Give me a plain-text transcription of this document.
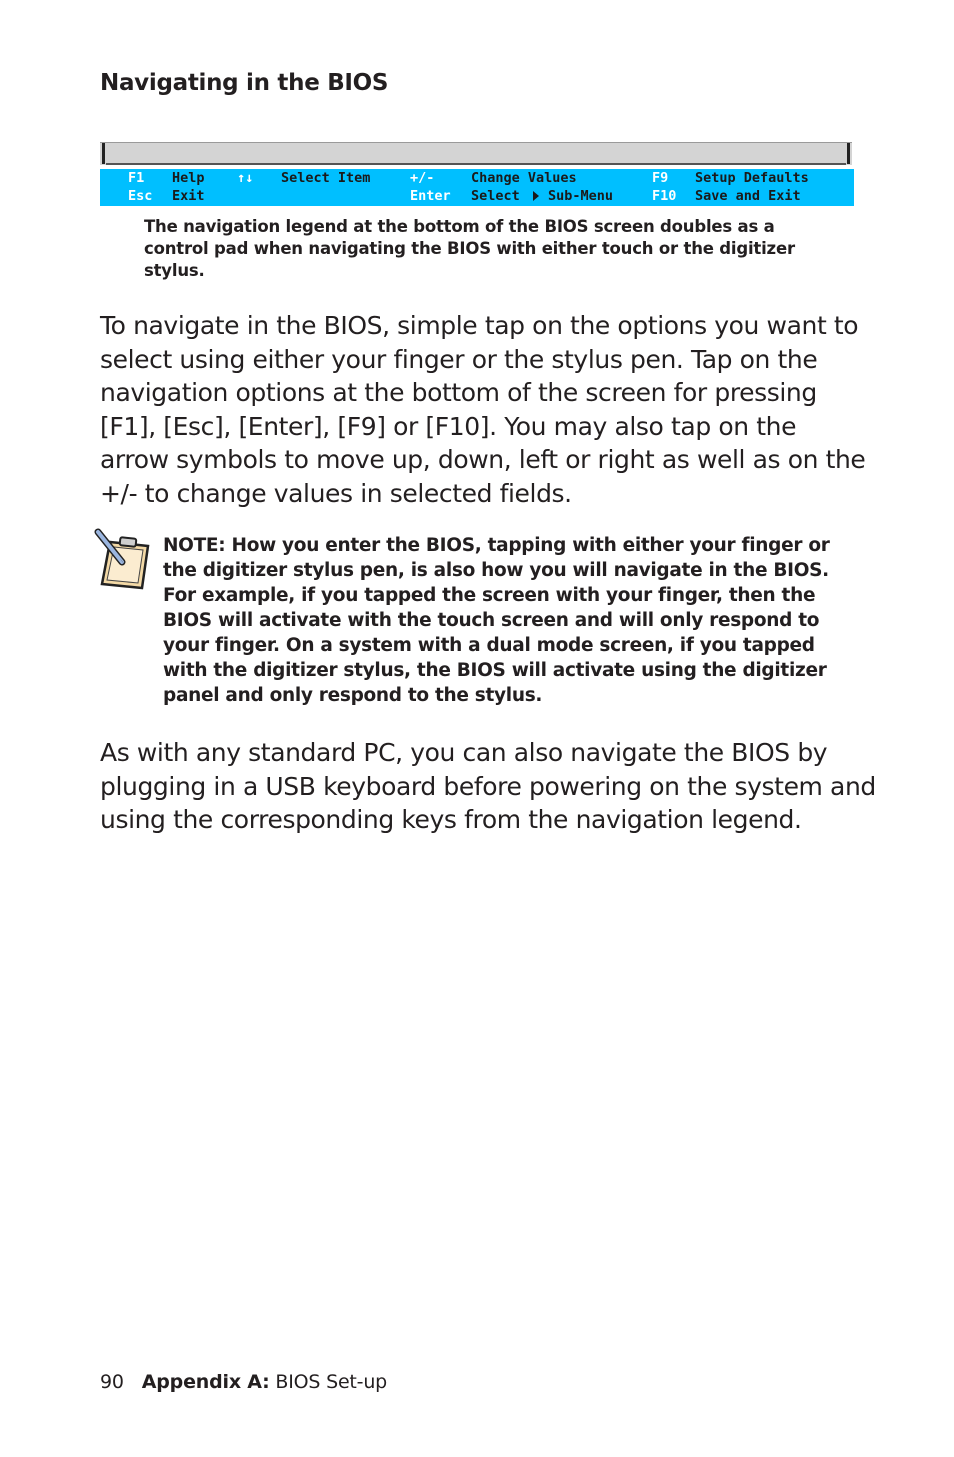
Navigating in the BIOS
F1 Help ↑↓ Select Item	+/-	Change Values	F9 Setup Defaults
Esc Exit	Enter Select Sub-Menu	F10 Save and Exit
The navigation legend at the bottom of the BIOS screen doubles as a control pad when navigating the BIOS with either touch or the digitizer stylus.
To navigate in the BIOS, simple tap on the options you want to select using either your finger or the stylus pen. Tap on the navigation options at the bottom of the screen for pressing [F1], [Esc], [Enter], [F9] or [F10]. You may also tap on the arrow symbols to move up, down, left or right as well as on the +/- to change values in selected fields.
NOTE: How you enter the BIOS, tapping with either your finger or the digitizer stylus pen, is also how you will navigate in the BIOS. For example, if you tapped the screen with your finger, then the BIOS will activate with the touch screen and will only respond to your finger. On a system with a dual mode screen, if you tapped with the digitizer stylus, the BIOS will activate using the digitizer panel and only respond to the stylus.
As with any standard PC, you can also navigate the BIOS by plugging in a USB keyboard before powering on the system and using the corresponding keys from the navigation legend.
90 Appendix A: BIOS Set-up
